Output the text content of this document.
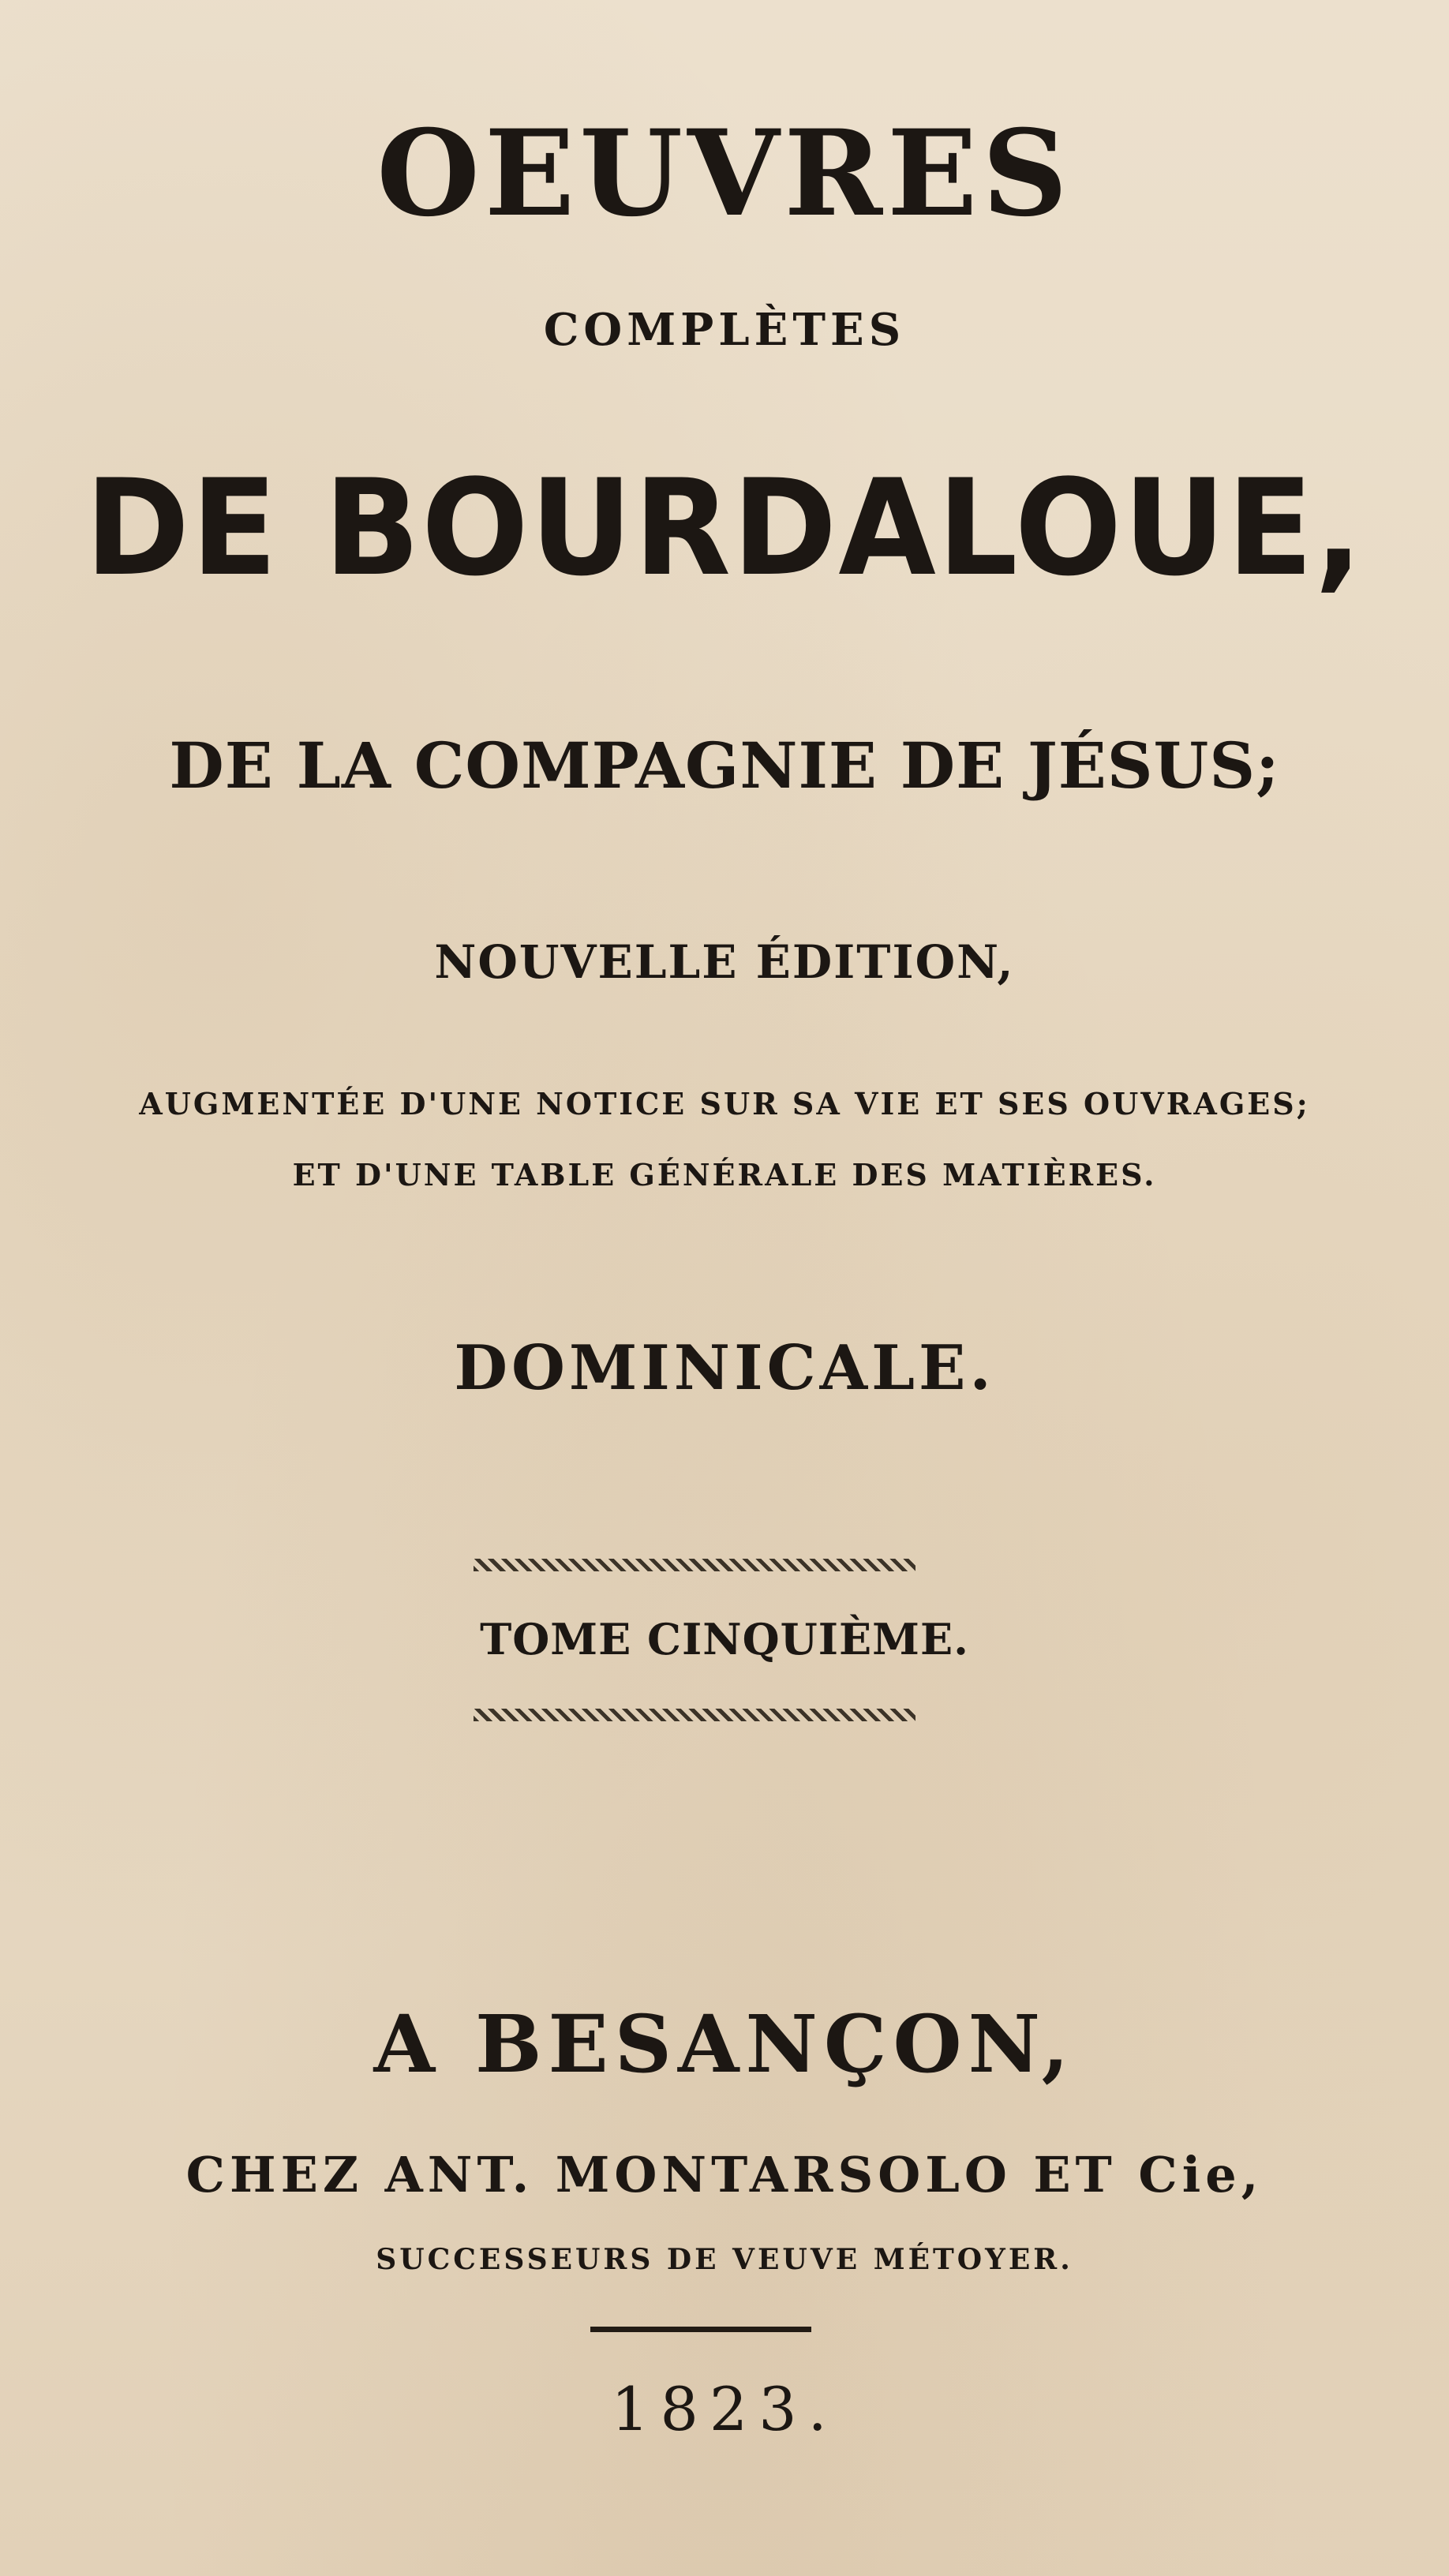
OEUVRES
COMPLÈTES
DE BOURDALOUE,
DE LA COMPAGNIE DE JÉSUS;
NOUVELLE ÉDITION,
AUGMENTÉE D'UNE NOTICE SUR SA VIE ET SES OUVRAGES;
ET D'UNE TABLE GÉNÉRALE DES MATIÈRES.
DOMINICALE.
TOME CINQUIÈME.
A BESANÇON,
CHEZ ANT. MONTARSOLO ET Cie,
SUCCESSEURS DE VEUVE MÉTOYER.
1823.
